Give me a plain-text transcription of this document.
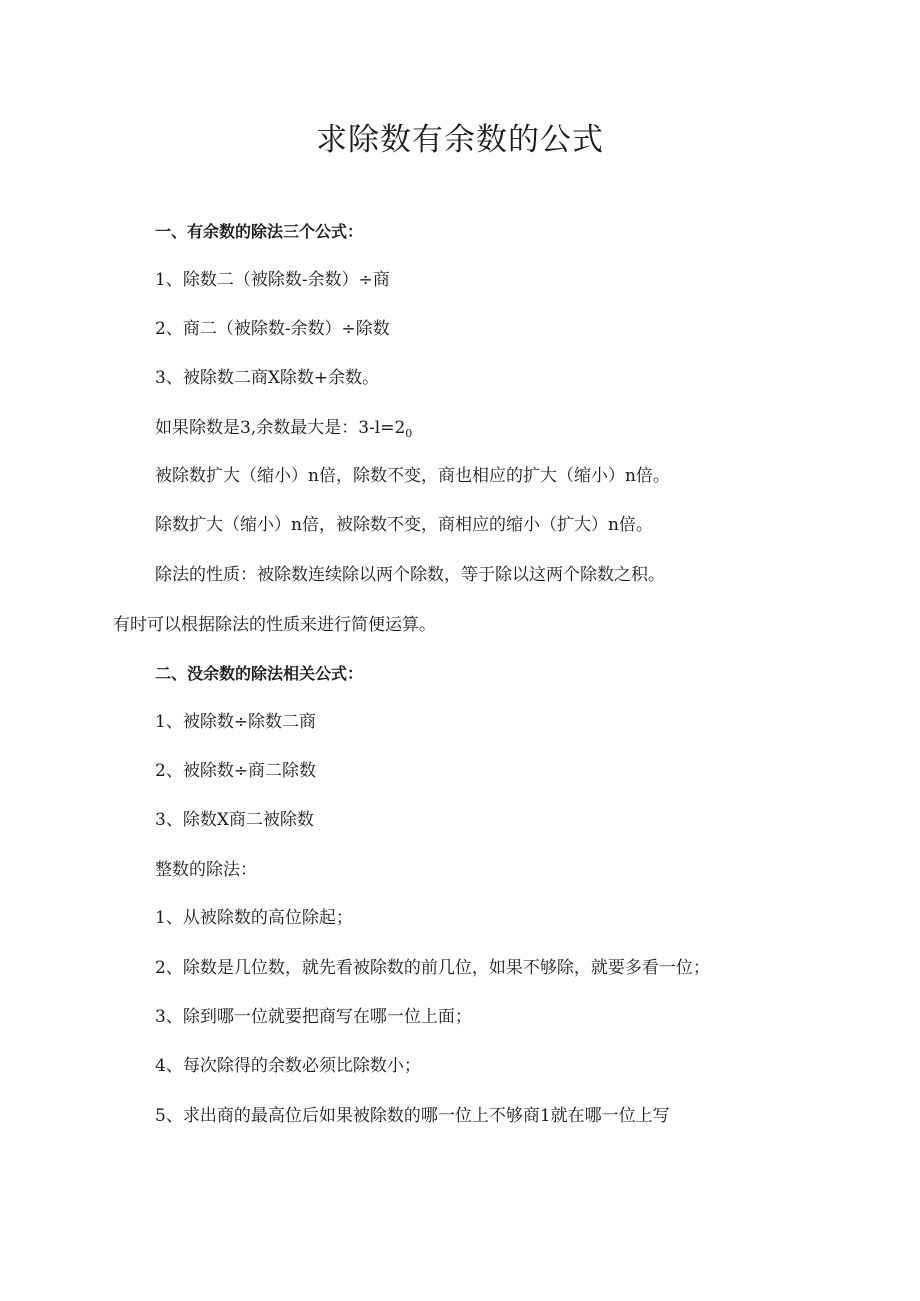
求除数有余数的公式

一、有余数的除法三个公式：

1、除数二（被除数-余数）÷商

2、商二（被除数-余数）÷除数

3、被除数二商X除数+余数。

如果除数是3,余数最大是：$3-l=2_0$

被除数扩大（缩小）n倍，除数不变，商也相应的扩大（缩小）n倍。

除数扩大（缩小）n倍，被除数不变，商相应的缩小（扩大）n倍。

除法的性质：被除数连续除以两个除数，等于除以这两个除数之积。

有时可以根据除法的性质来进行简便运算。

二、没余数的除法相关公式：

1、被除数÷除数二商

2、被除数÷商二除数

3、除数X商二被除数

整数的除法：

1、从被除数的高位除起；

2、除数是几位数，就先看被除数的前几位，如果不够除，就要多看一位；

3、除到哪一位就要把商写在哪一位上面；

4、每次除得的余数必须比除数小；

5、求出商的最高位后如果被除数的哪一位上不够商1就在哪一位上写
